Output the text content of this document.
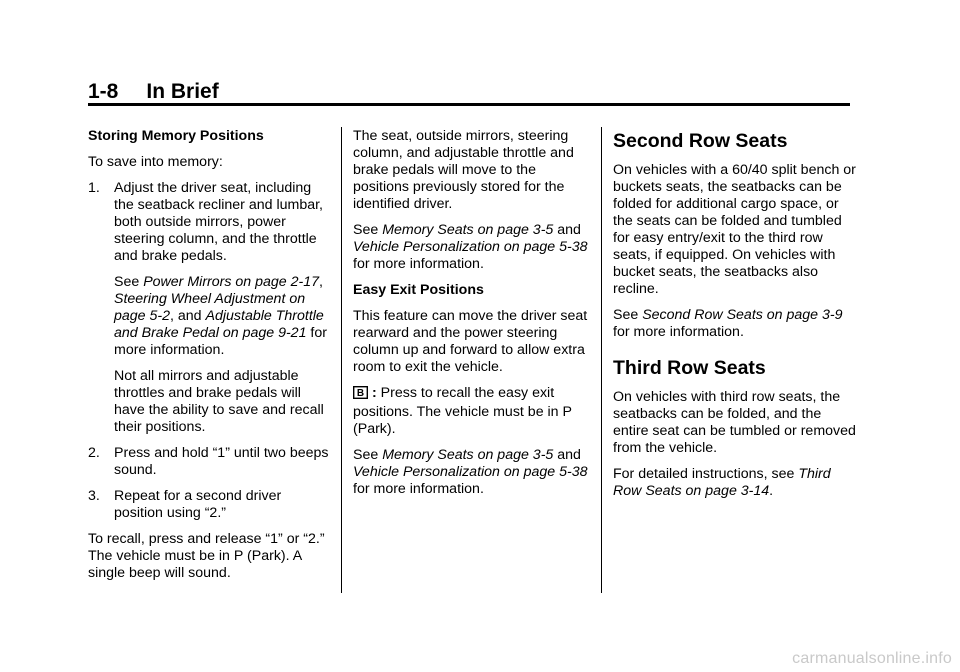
1-8 In Brief

Storing Memory Positions

To save into memory:

1. Adjust the driver seat, including the seatback recliner and lumbar, both outside mirrors, power steering column, and the throttle and brake pedals.
See Power Mirrors on page 2-17, Steering Wheel Adjustment on page 5-2, and Adjustable Throttle and Brake Pedal on page 9-21 for more information.
Not all mirrors and adjustable throttles and brake pedals will have the ability to save and recall their positions.
2. Press and hold “1” until two beeps sound.
3. Repeat for a second driver position using “2.”

To recall, press and release “1” or “2.” The vehicle must be in P (Park). A single beep will sound.

The seat, outside mirrors, steering column, and adjustable throttle and brake pedals will move to the positions previously stored for the identified driver.

See Memory Seats on page 3-5 and Vehicle Personalization on page 5-38 for more information.

Easy Exit Positions

This feature can move the driver seat rearward and the power steering column up and forward to allow extra room to exit the vehicle.

B : Press to recall the easy exit positions. The vehicle must be in P (Park).

See Memory Seats on page 3-5 and Vehicle Personalization on page 5-38 for more information.

Second Row Seats

On vehicles with a 60/40 split bench or buckets seats, the seatbacks can be folded for additional cargo space, or the seats can be folded and tumbled for easy entry/exit to the third row seats, if equipped. On vehicles with bucket seats, the seatbacks also recline.

See Second Row Seats on page 3-9 for more information.

Third Row Seats

On vehicles with third row seats, the seatbacks can be folded, and the entire seat can be tumbled or removed from the vehicle.

For detailed instructions, see Third Row Seats on page 3-14.

carmanualsonline.info
